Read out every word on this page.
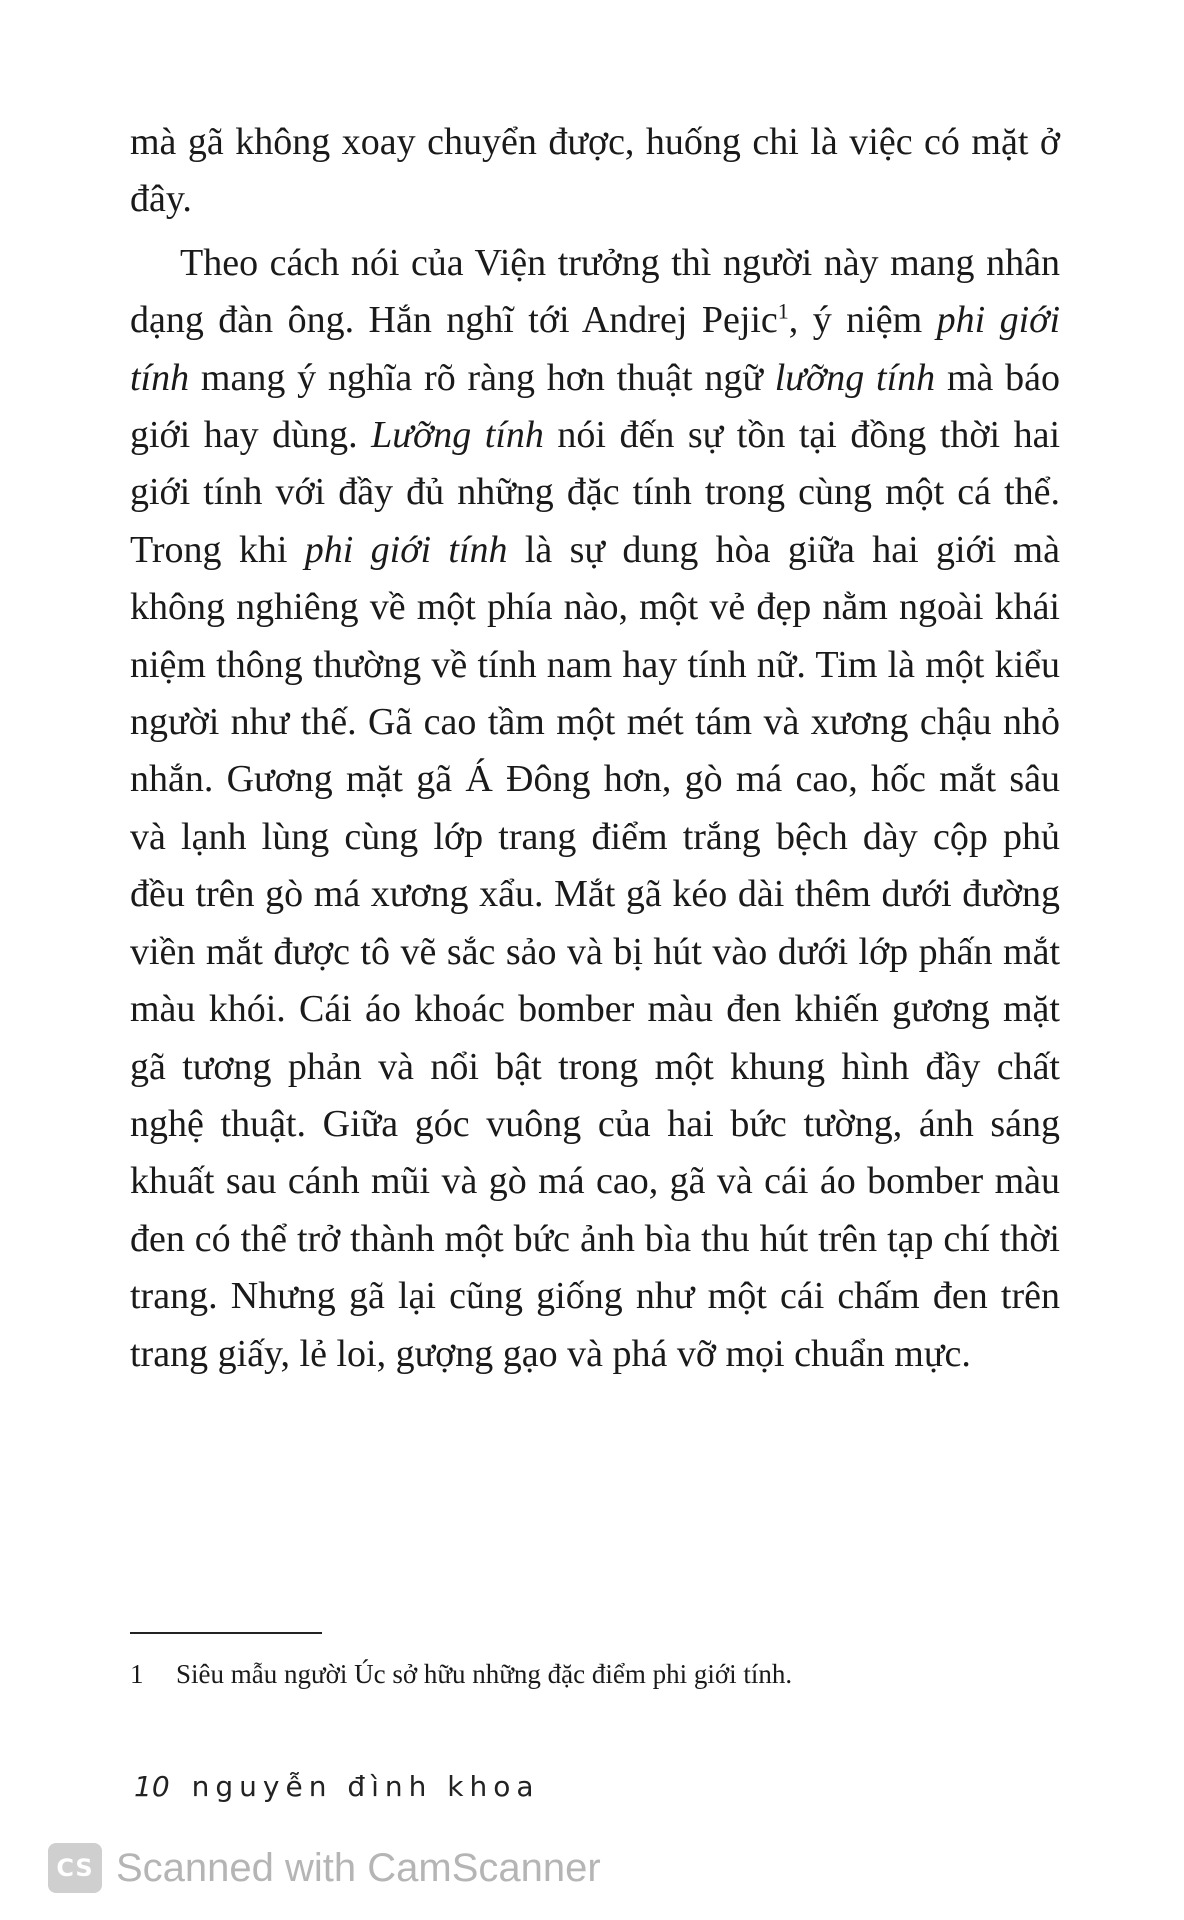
mà gã không xoay chuyển được, huống chi là việc có mặt ở đây.

Theo cách nói của Viện trưởng thì người này mang nhân dạng đàn ông. Hắn nghĩ tới Andrej Pejic$^1$, ý niệm phi giới tính mang ý nghĩa rõ ràng hơn thuật ngữ lưỡng tính mà báo giới hay dùng. Lưỡng tính nói đến sự tồn tại đồng thời hai giới tính với đầy đủ những đặc tính trong cùng một cá thể. Trong khi phi giới tính là sự dung hòa giữa hai giới mà không nghiêng về một phía nào, một vẻ đẹp nằm ngoài khái niệm thông thường về tính nam hay tính nữ. Tim là một kiểu người như thế. Gã cao tầm một mét tám và xương chậu nhỏ nhắn. Gương mặt gã Á Đông hơn, gò má cao, hốc mắt sâu và lạnh lùng cùng lớp trang điểm trắng bệch dày cộp phủ đều trên gò má xương xẩu. Mắt gã kéo dài thêm dưới đường viền mắt được tô vẽ sắc sảo và bị hút vào dưới lớp phấn mắt màu khói. Cái áo khoác bomber màu đen khiến gương mặt gã tương phản và nổi bật trong một khung hình đầy chất nghệ thuật. Giữa góc vuông của hai bức tường, ánh sáng khuất sau cánh mũi và gò má cao, gã và cái áo bomber màu đen có thể trở thành một bức ảnh bìa thu hút trên tạp chí thời trang. Nhưng gã lại cũng giống như một cái chấm đen trên trang giấy, lẻ loi, gượng gạo và phá vỡ mọi chuẩn mực.

1 Siêu mẫu người Úc sở hữu những đặc điểm phi giới tính.
10 nguyễn đình khoa
CS Scanned with CamScanner
